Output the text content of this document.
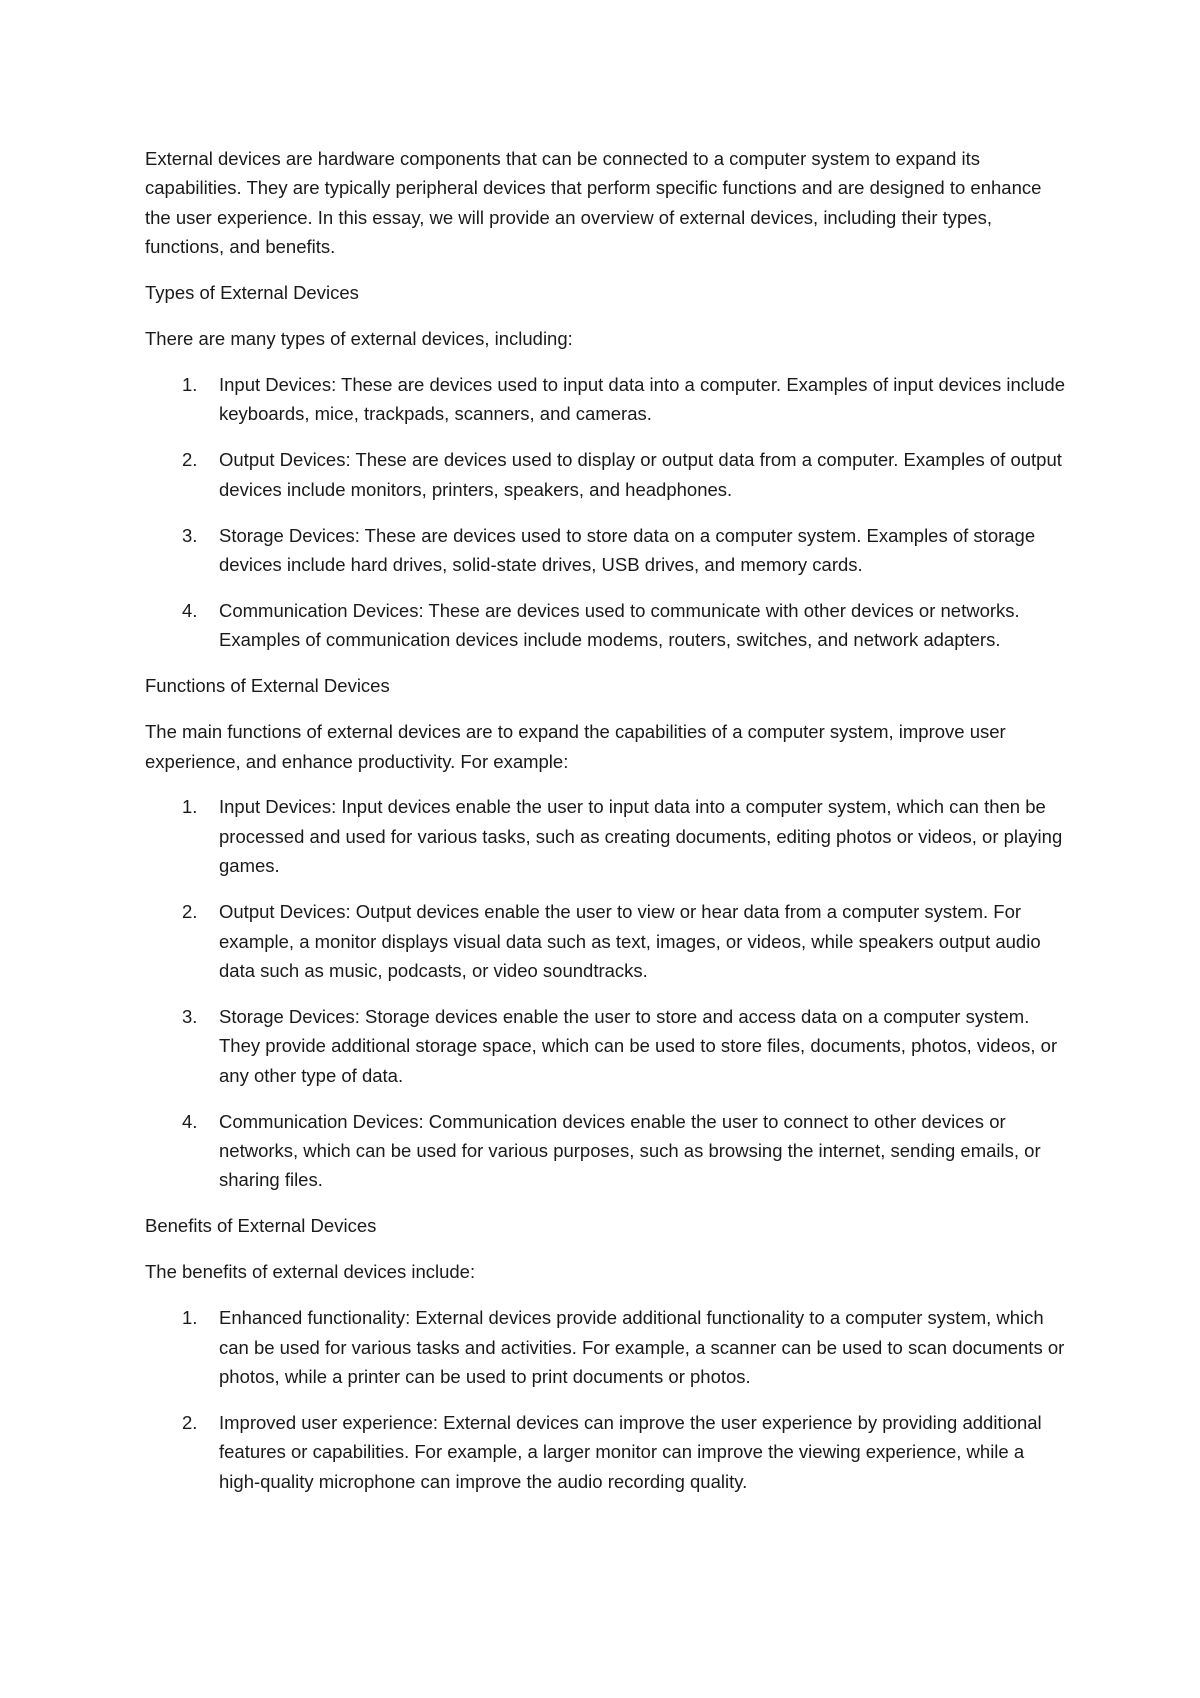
External devices are hardware components that can be connected to a computer system to expand its capabilities. They are typically peripheral devices that perform specific functions and are designed to enhance the user experience. In this essay, we will provide an overview of external devices, including their types, functions, and benefits.

Types of External Devices

There are many types of external devices, including:

1. Input Devices: These are devices used to input data into a computer. Examples of input devices include keyboards, mice, trackpads, scanners, and cameras.
2. Output Devices: These are devices used to display or output data from a computer. Examples of output devices include monitors, printers, speakers, and headphones.
3. Storage Devices: These are devices used to store data on a computer system. Examples of storage devices include hard drives, solid-state drives, USB drives, and memory cards.
4. Communication Devices: These are devices used to communicate with other devices or networks. Examples of communication devices include modems, routers, switches, and network adapters.

Functions of External Devices

The main functions of external devices are to expand the capabilities of a computer system, improve user experience, and enhance productivity. For example:

1. Input Devices: Input devices enable the user to input data into a computer system, which can then be processed and used for various tasks, such as creating documents, editing photos or videos, or playing games.
2. Output Devices: Output devices enable the user to view or hear data from a computer system. For example, a monitor displays visual data such as text, images, or videos, while speakers output audio data such as music, podcasts, or video soundtracks.
3. Storage Devices: Storage devices enable the user to store and access data on a computer system. They provide additional storage space, which can be used to store files, documents, photos, videos, or any other type of data.
4. Communication Devices: Communication devices enable the user to connect to other devices or networks, which can be used for various purposes, such as browsing the internet, sending emails, or sharing files.

Benefits of External Devices

The benefits of external devices include:

1. Enhanced functionality: External devices provide additional functionality to a computer system, which can be used for various tasks and activities. For example, a scanner can be used to scan documents or photos, while a printer can be used to print documents or photos.
2. Improved user experience: External devices can improve the user experience by providing additional features or capabilities. For example, a larger monitor can improve the viewing experience, while a high-quality microphone can improve the audio recording quality.
